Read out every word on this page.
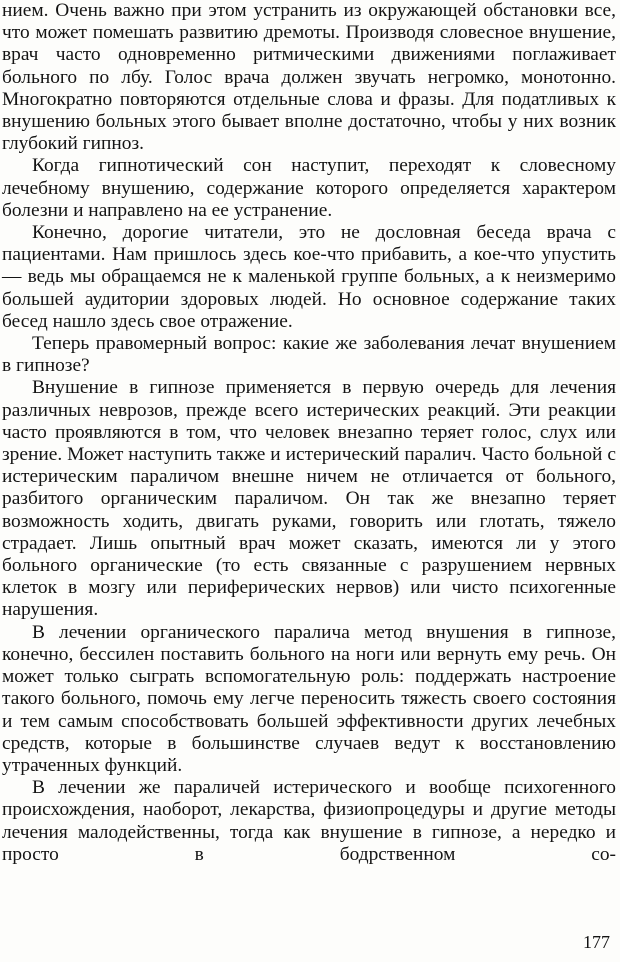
нием. Очень важно при этом устранить из окружающей обстановки все, что может помешать развитию дремоты. Производя словесное внушение, врач часто одновременно ритмическими движениями поглаживает больного по лбу. Голос врача должен звучать негромко, монотонно. Многократно повторяются отдельные слова и фразы. Для податливых к внушению больных этого бывает вполне достаточно, чтобы у них возник глубокий гипноз.

Когда гипнотический сон наступит, переходят к словесному лечебному внушению, содержание которого определяется характером болезни и направлено на ее устранение.

Конечно, дорогие читатели, это не дословная беседа врача с пациентами. Нам пришлось здесь кое-что прибавить, а кое-что упустить — ведь мы обращаемся не к маленькой группе больных, а к неизмеримо большей аудитории здоровых людей. Но основное содержание таких бесед нашло здесь свое отражение.

Теперь правомерный вопрос: какие же заболевания лечат внушением в гипнозе?

Внушение в гипнозе применяется в первую очередь для лечения различных неврозов, прежде всего истерических реакций. Эти реакции часто проявляются в том, что человек внезапно теряет голос, слух или зрение. Может наступить также и истерический паралич. Часто больной с истерическим параличом внешне ничем не отличается от больного, разбитого органическим параличом. Он так же внезапно теряет возможность ходить, двигать руками, говорить или глотать, тяжело страдает. Лишь опытный врач может сказать, имеются ли у этого больного органические (то есть связанные с разрушением нервных клеток в мозгу или периферических нервов) или чисто психогенные нарушения.

В лечении органического паралича метод внушения в гипнозе, конечно, бессилен поставить больного на ноги или вернуть ему речь. Он может только сыграть вспомогательную роль: поддержать настроение такого больного, помочь ему легче переносить тяжесть своего состояния и тем самым способствовать большей эффективности других лечебных средств, которые в большинстве случаев ведут к восстановлению утраченных функций.

В лечении же параличей истерического и вообще психогенного происхождения, наоборот, лекарства, физиопроцедуры и другие методы лечения малодейственны, тогда как внушение в гипнозе, а нередко и просто в бодрственном со-

177
